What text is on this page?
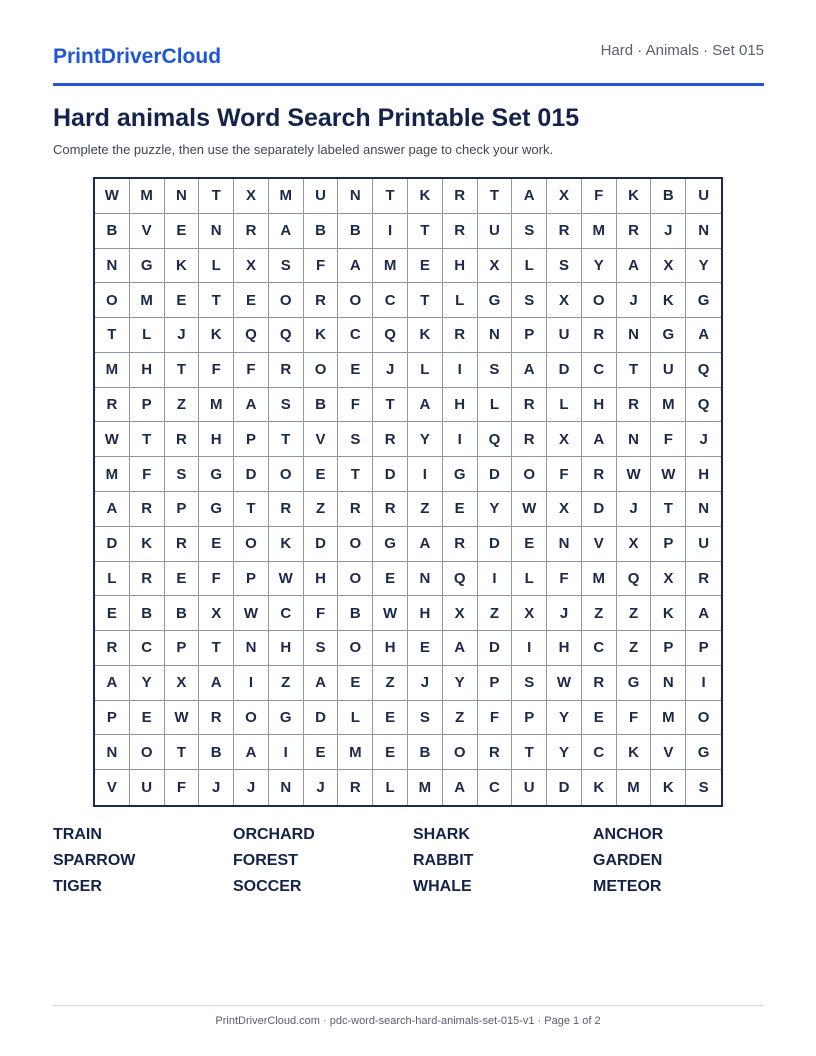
PrintDriverCloud	Hard · Animals · Set 015
Hard animals Word Search Printable Set 015
Complete the puzzle, then use the separately labeled answer page to check your work.
W	M	N	T	X	M	U	N	T	K	R	T	A	X	F	K	B	U
B	V	E	N	R	A	B	B	I	T	R	U	S	R	M	R	J	N
N	G	K	L	X	S	F	A	M	E	H	X	L	S	Y	A	X	Y
O	M	E	T	E	O	R	O	C	T	L	G	S	X	O	J	K	G
T	L	J	K	Q	Q	K	C	Q	K	R	N	P	U	R	N	G	A
M	H	T	F	F	R	O	E	J	L	I	S	A	D	C	T	U	Q
R	P	Z	M	A	S	B	F	T	A	H	L	R	L	H	R	M	Q
W	T	R	H	P	T	V	S	R	Y	I	Q	R	X	A	N	F	J
M	F	S	G	D	O	E	T	D	I	G	D	O	F	R	W	W	H
A	R	P	G	T	R	Z	R	R	Z	E	Y	W	X	D	J	T	N
D	K	R	E	O	K	D	O	G	A	R	D	E	N	V	X	P	U
L	R	E	F	P	W	H	O	E	N	Q	I	L	F	M	Q	X	R
E	B	B	X	W	C	F	B	W	H	X	Z	X	J	Z	Z	K	A
R	C	P	T	N	H	S	O	H	E	A	D	I	H	C	Z	P	P
A	Y	X	A	I	Z	A	E	Z	J	Y	P	S	W	R	G	N	I
P	E	W	R	O	G	D	L	E	S	Z	F	P	Y	E	F	M	O
N	O	T	B	A	I	E	M	E	B	O	R	T	Y	C	K	V	G
V	U	F	J	J	N	J	R	L	M	A	C	U	D	K	M	K	S
TRAIN	ORCHARD	SHARK	ANCHOR
SPARROW	FOREST	RABBIT	GARDEN
TIGER	SOCCER	WHALE	METEOR
PrintDriverCloud.com · pdc-word-search-hard-animals-set-015-v1 · Page 1 of 2
